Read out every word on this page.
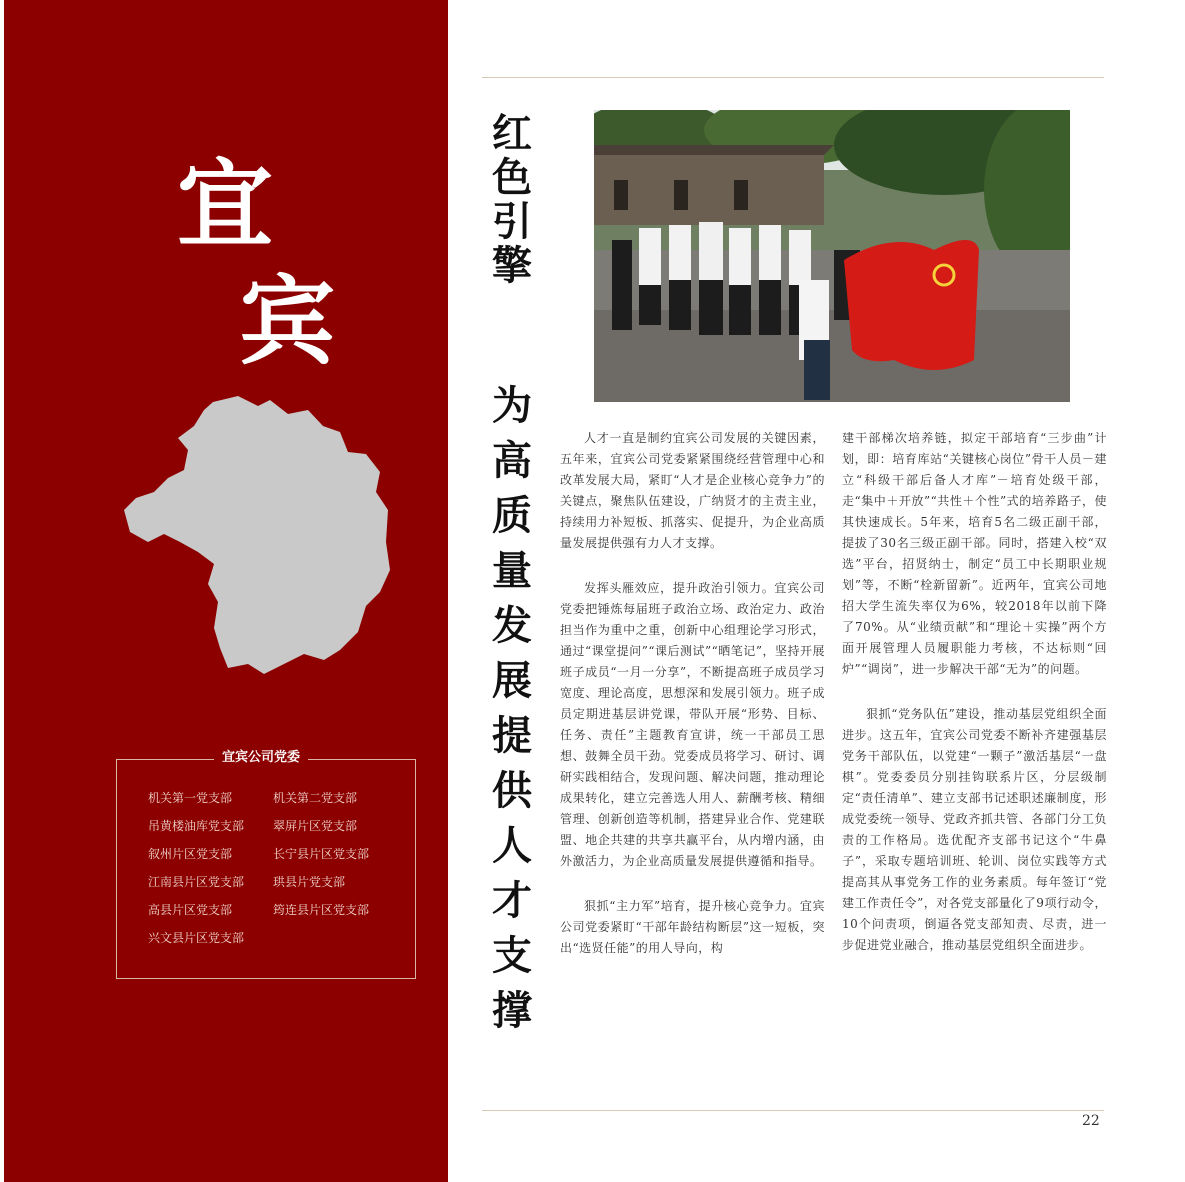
宜
宾
宜宾公司党委
机关第一党支部	机关第二党支部
吊黄楼油库党支部 翠屏片区党支部
叙州片区党支部	长宁县片区党支部
江南县片区党支部 珙县片党支部
高县片区党支部	筠连县片区党支部
兴文县片区党支部
红
色
引
擎
为
高
质
量
发
展
提
供
人
才
支
撑

人才一直是制约宜宾公司发展的关键因素，五年来，宜宾公司党委紧紧围绕经营管理中心和改革发展大局，紧盯“人才是企业核心竞争力”的关键点，聚焦队伍建设，广纳贤才的主责主业，持续用力补短板、抓落实、促提升，为企业高质量发展提供强有力人才支撑。

发挥头雁效应，提升政治引领力。宜宾公司党委把锤炼每届班子政治立场、政治定力、政治担当作为重中之重，创新中心组理论学习形式，通过“课堂提问”“课后测试”“晒笔记”，坚持开展班子成员“一月一分享”，不断提高班子成员学习宽度、理论高度，思想深和发展引领力。班子成员定期进基层讲党课，带队开展“形势、目标、任务、责任”主题教育宣讲，统一干部员工思想、鼓舞全员干劲。党委成员将学习、研讨、调研实践相结合，发现问题、解决问题，推动理论成果转化，建立完善选人用人、薪酬考核、精细管理、创新创造等机制，搭建异业合作、党建联盟、地企共建的共享共赢平台，从内增内涵，由外激活力，为企业高质量发展提供遵循和指导。

狠抓“主力军”培育，提升核心竞争力。宜宾公司党委紧盯“干部年龄结构断层”这一短板，突出“选贤任能”的用人导向，构

建干部梯次培养链，拟定干部培育“三步曲”计划，即：培育库站“关键核心岗位”骨干人员－建立“科级干部后备人才库”－培育处级干部，走“集中＋开放”“共性＋个性”式的培养路子，使其快速成长。5年来，培育5名二级正副干部，提拔了30名三级正副干部。同时，搭建入校“双选”平台，招贤纳士，制定“员工中长期职业规划”等，不断“栓新留新”。近两年，宜宾公司地招大学生流失率仅为6%，较2018年以前下降了70%。从“业绩贡献”和“理论＋实操”两个方面开展管理人员履职能力考核，不达标则“回炉”“调岗”，进一步解决干部“无为”的问题。

狠抓“党务队伍”建设，推动基层党组织全面进步。这五年，宜宾公司党委不断补齐建强基层党务干部队伍，以党建“一颗子”激活基层“一盘棋”。党委委员分别挂钩联系片区，分层级制定“责任清单”、建立支部书记述职述廉制度，形成党委统一领导、党政齐抓共管、各部门分工负责的工作格局。选优配齐支部书记这个“牛鼻子”，采取专题培训班、轮训、岗位实践等方式提高其从事党务工作的业务素质。每年签订“党建工作责任令”，对各党支部量化了9项行动令，10个问责项，倒逼各党支部知责、尽责，进一步促进党业融合，推动基层党组织全面进步。

22
